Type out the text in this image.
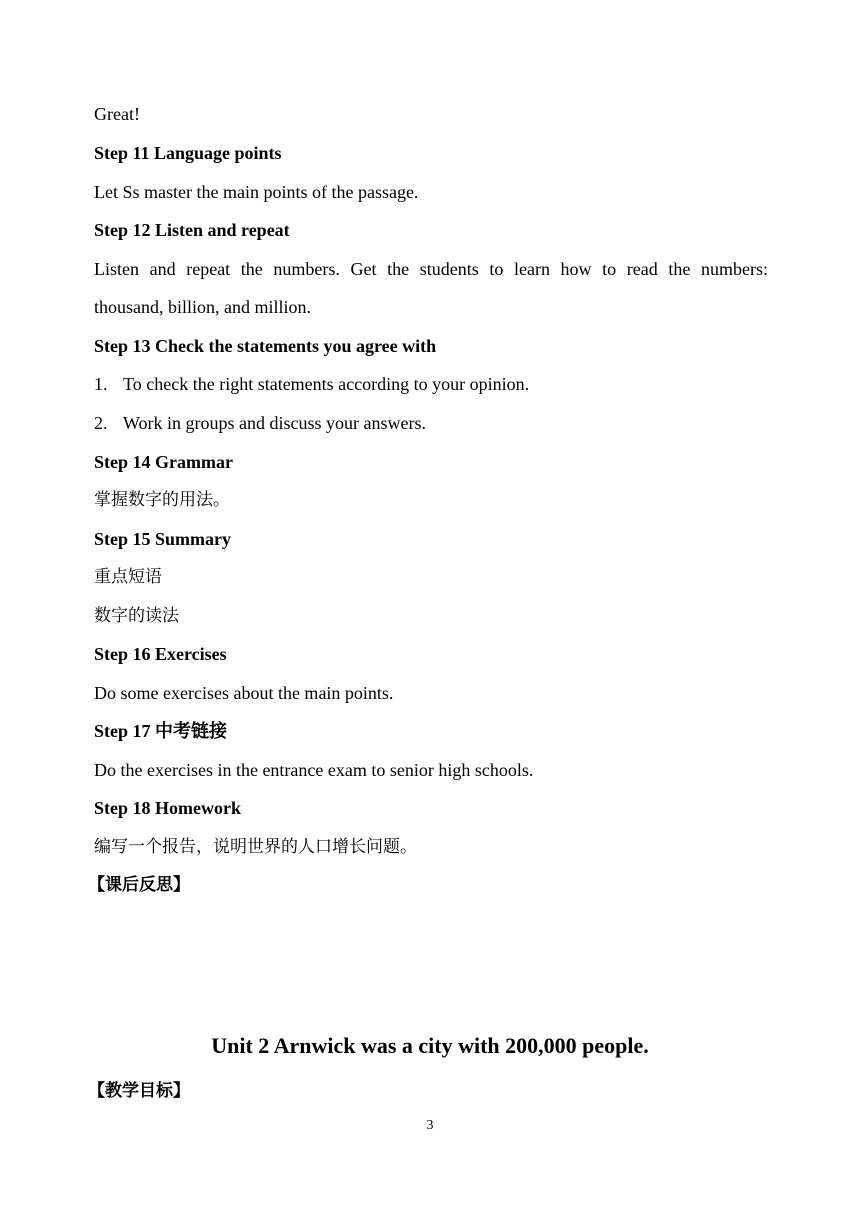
Great!
Step 11 Language points
Let Ss master the main points of the passage.
Step 12 Listen and repeat
Listen and repeat the numbers. Get the students to learn how to read the numbers:
thousand, billion, and million.
Step 13 Check the statements you agree with
1. To check the right statements according to your opinion.
2. Work in groups and discuss your answers.
Step 14 Grammar
掌握数字的用法。
Step 15 Summary
重点短语
数字的读法
Step 16 Exercises
Do some exercises about the main points.
Step 17 中考链接
Do the exercises in the entrance exam to senior high schools.
Step 18 Homework
编写一个报告，说明世界的人口增长问题。
【课后反思】
Unit 2 Arnwick was a city with 200,000 people.
【教学目标】
3
